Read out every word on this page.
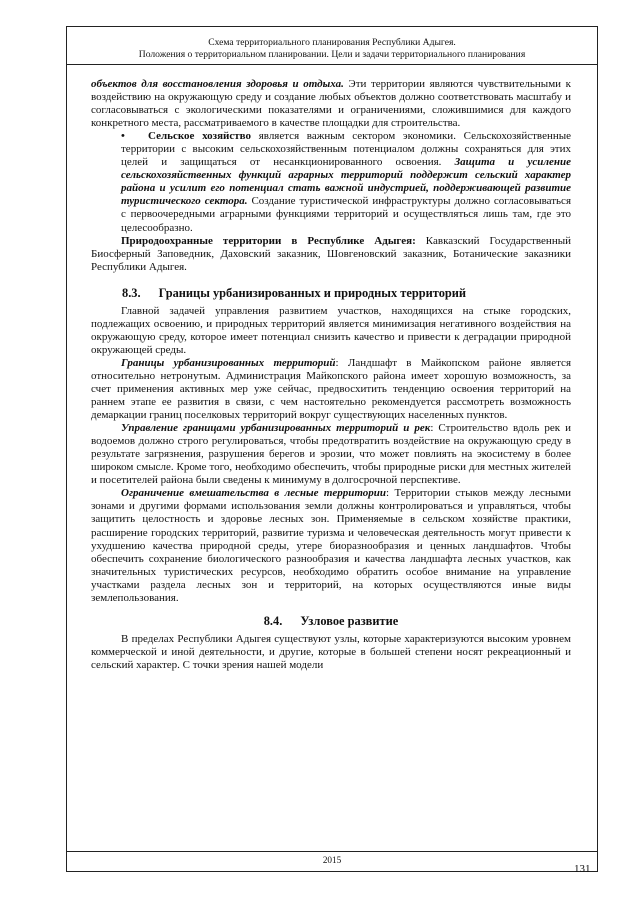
Схема территориального планирования Республики Адыгея.
Положения о территориальном планировании. Цели и задачи территориального планирования

объектов для восстановления здоровья и отдыха. Эти территории являются чувствительными к воздействию на окружающую среду и создание любых объектов должно соответствовать масштабу и согласовываться с экологическими показателями и ограничениями, сложившимися для каждого конкретного места, рассматриваемого в качестве площадки для строительства.

• Сельское хозяйство является важным сектором экономики. Сельскохозяйственные территории с высоким сельскохозяйственным потенциалом должны сохраняться для этих целей и защищаться от несанкционированного освоения. Защита и усиление сельскохозяйственных функций аграрных территорий поддержит сельский характер района и усилит его потенциал стать важной индустрией, поддерживающей развитие туристического сектора. Создание туристической инфраструктуры должно согласовываться с первоочередными аграрными функциями территорий и осуществляться лишь там, где это целесообразно.

Природоохранные территории в Республике Адыгея: Кавказский Государственный Биосферный Заповедник, Даховский заказник, Шовгеновский заказник, Ботанические заказники Республики Адыгея.

8.3. Границы урбанизированных и природных территорий

Главной задачей управления развитием участков, находящихся на стыке городских, подлежащих освоению, и природных территорий является минимизация негативного воздействия на окружающую среду, которое имеет потенциал снизить качество и привести к деградации природной окружающей среды.

Границы урбанизированных территорий: Ландшафт в Майкопском районе является относительно нетронутым. Администрация Майкопского района имеет хорошую возможность, за счет применения активных мер уже сейчас, предвосхитить тенденцию освоения территорий на раннем этапе ее развития в связи, с чем настоятельно рекомендуется рассмотреть возможность демаркации границ поселковых территорий вокруг существующих населенных пунктов.

Управление границами урбанизированных территорий и рек: Строительство вдоль рек и водоемов должно строго регулироваться, чтобы предотвратить воздействие на окружающую среду в результате загрязнения, разрушения берегов и эрозии, что может повлиять на экосистему в более широком смысле. Кроме того, необходимо обеспечить, чтобы природные риски для местных жителей и посетителей района были сведены к минимуму в долгосрочной перспективе.

Ограничение вмешательства в лесные территории: Территории стыков между лесными зонами и другими формами использования земли должны контролироваться и управляться, чтобы защитить целостность и здоровье лесных зон. Применяемые в сельском хозяйстве практики, расширение городских территорий, развитие туризма и человеческая деятельность могут привести к ухудшению качества природной среды, утере биоразнообразия и ценных ландшафтов. Чтобы обеспечить сохранение биологического разнообразия и качества ландшафта лесных участков, как значительных туристических ресурсов, необходимо обратить особое внимание на управление участками раздела лесных зон и территорий, на которых осуществляются иные виды землепользования.

8.4. Узловое развитие

В пределах Республики Адыгея существуют узлы, которые характеризуются высоким уровнем коммерческой и иной деятельности, и другие, которые в большей степени носят рекреационный и сельский характер. С точки зрения нашей модели

2015
131
